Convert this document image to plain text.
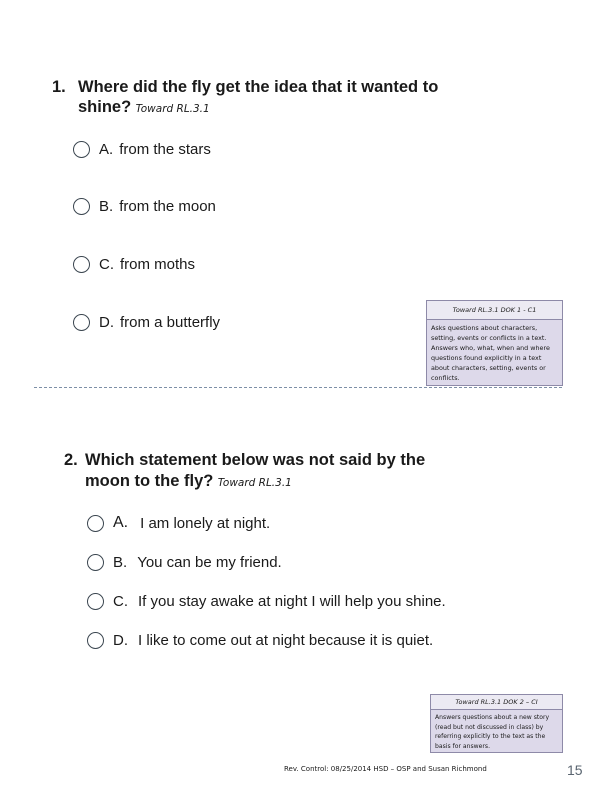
1. Where did the fly get the idea that it wanted to
shine? Toward RL.3.1
A. from the stars
B. from the moon
C. from moths
D. from a butterfly
Toward RL.3.1 DOK 1 - C1
Asks questions about characters, setting, events or conflicts in a text. Answers who, what, when and where questions found explicitly in a text about characters, setting, events or conflicts.
2. Which statement below was not said by the
moon to the fly? Toward RL.3.1
A. I am lonely at night.
B. You can be my friend.
C. If you stay awake at night I will help you shine.
D. I like to come out at night because it is quiet.
Toward RL.3.1 DOK 2 – CI
Answers questions about a new story (read but not discussed in class) by referring explicitly to the text as the basis for answers.
Rev. Control: 08/25/2014 HSD – OSP and Susan Richmond	15
